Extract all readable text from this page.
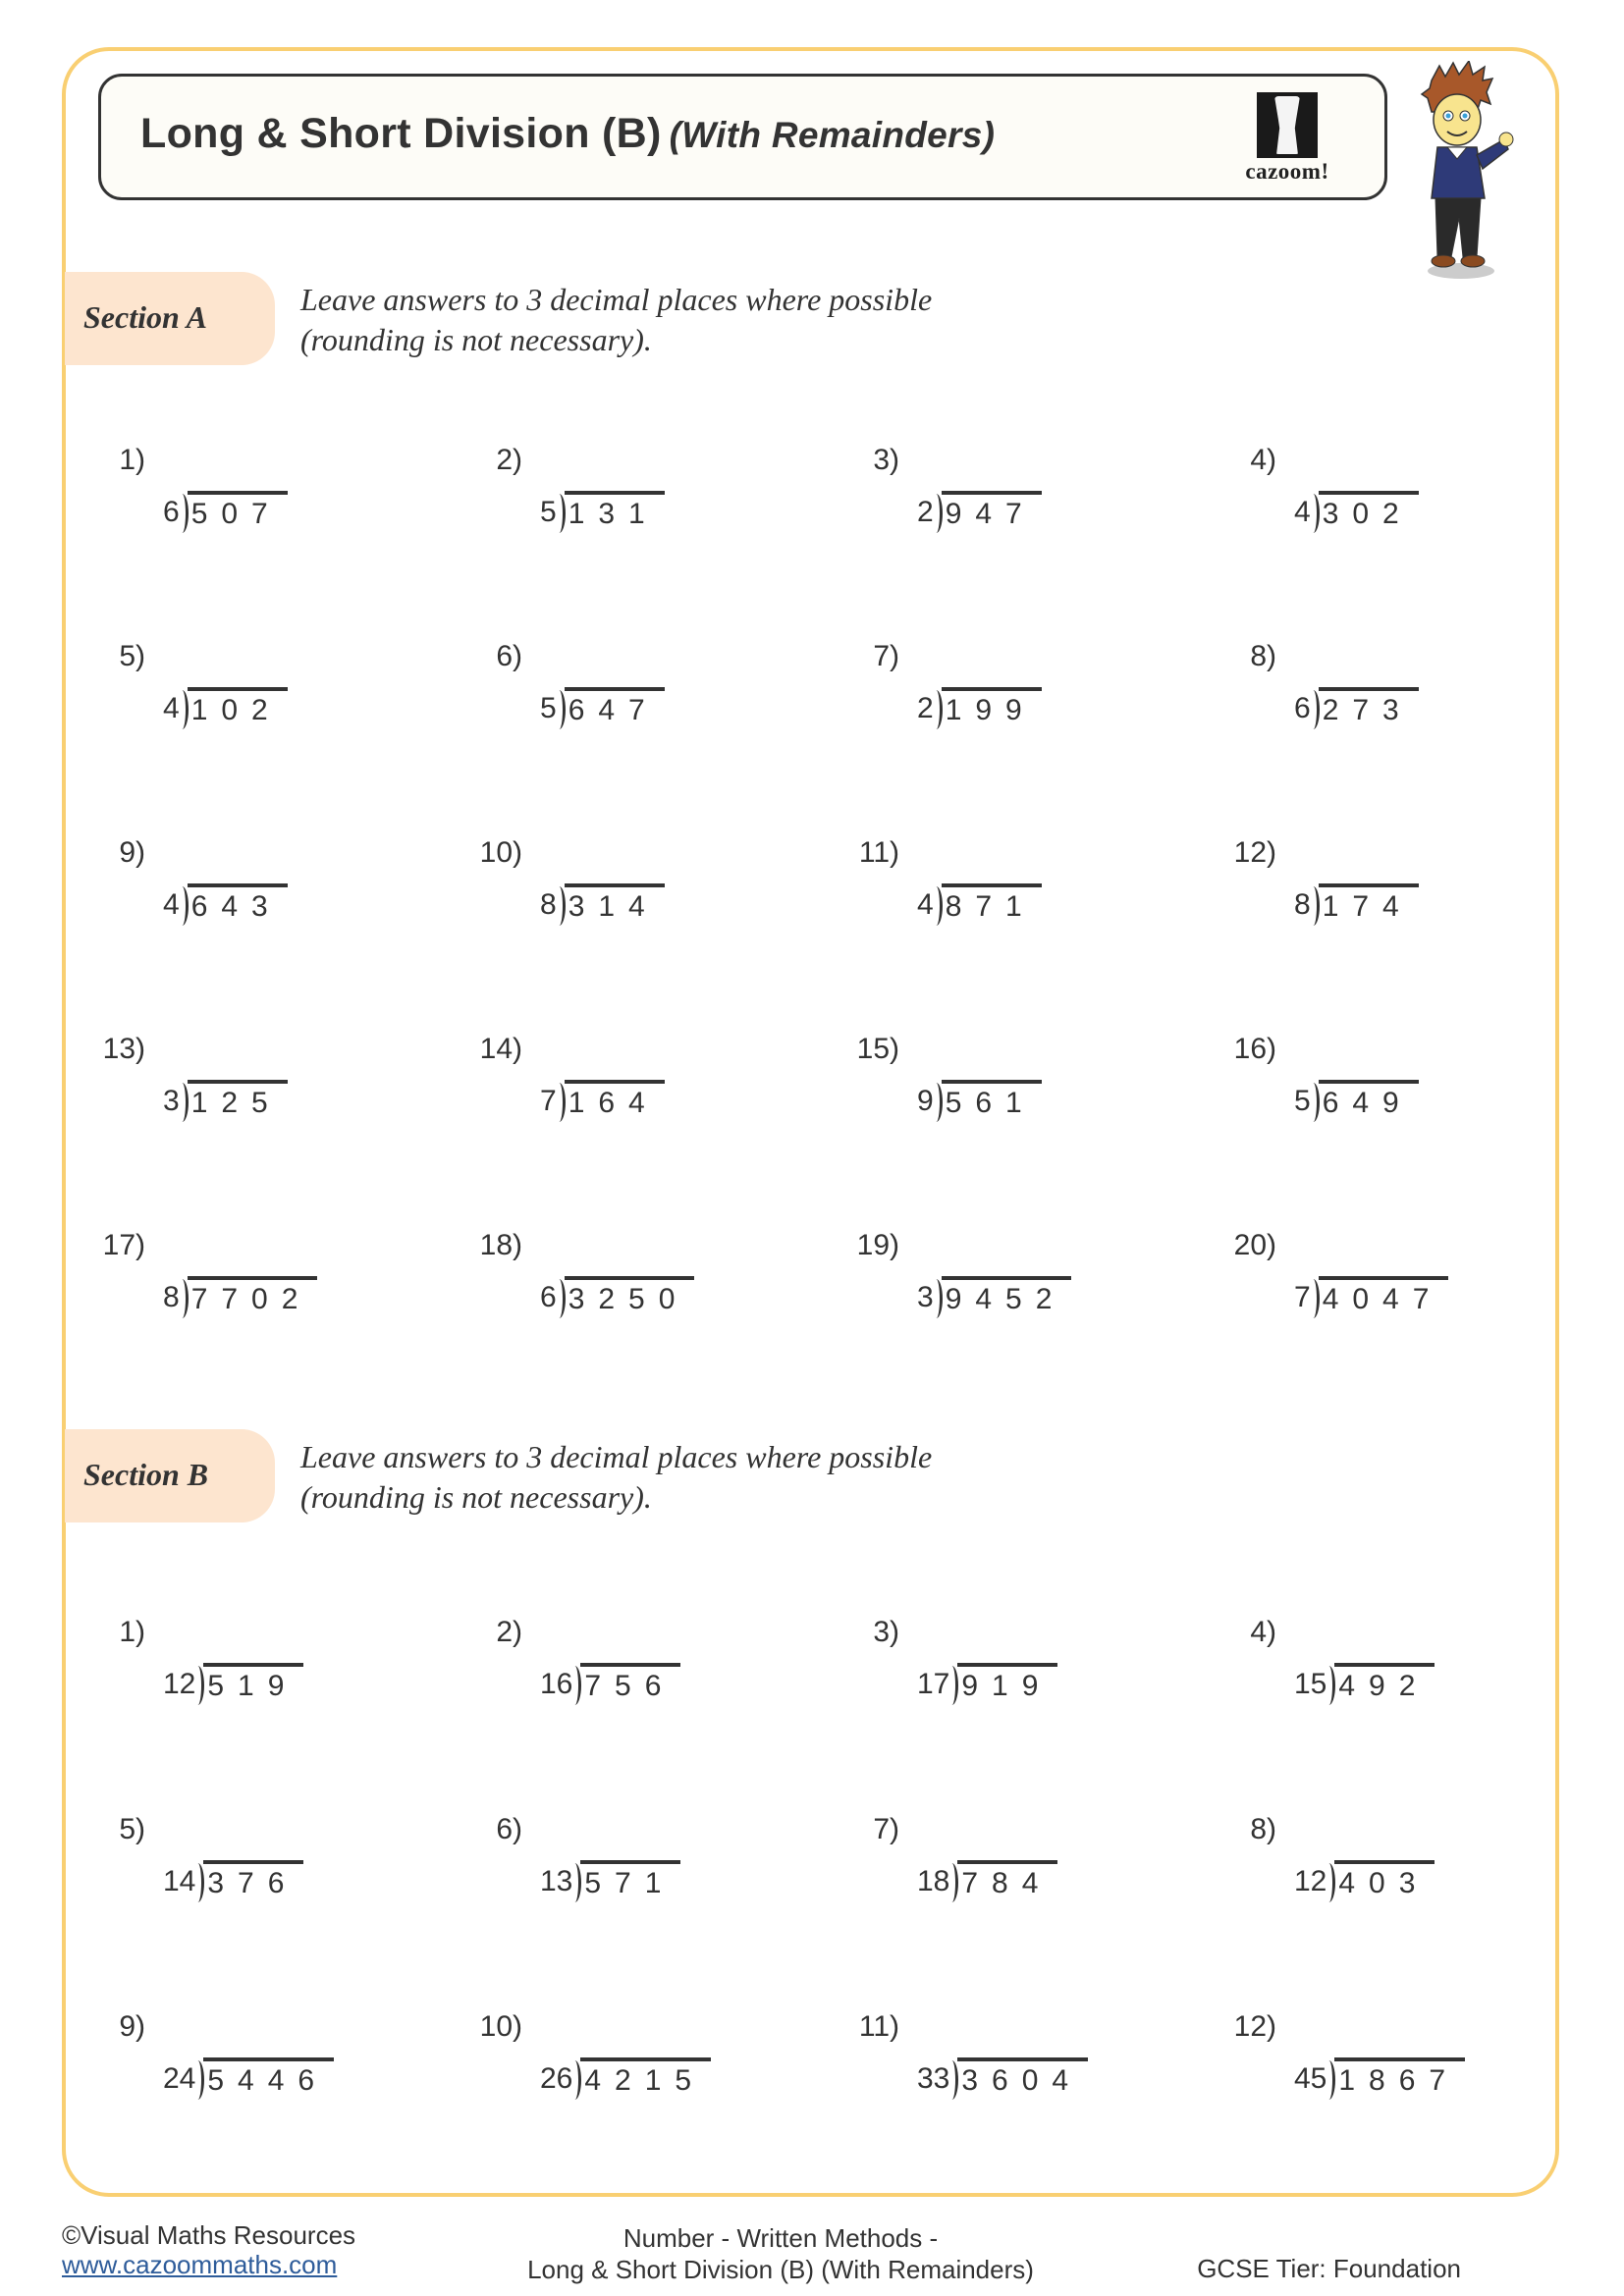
Long & Short Division (B) (With Remainders)
cazoom!
Section A	Leave answers to 3 decimal places where possible
(rounding is not necessary).
1)
6 507
2)
5 131
3)
2 947
4)
4 302
5)
4 102
6)
5 647
7)
2 199
8)
6 273
9)
4 643
10)
8 314
11)
4 871
12)
8 174
13)
3 125
14)
7 164
15)
9 561
16)
5 649
17)
8 7702
18)
6 3250
19)
3 9452
20)
7 4047
Section B	Leave answers to 3 decimal places where possible
(rounding is not necessary).
1)
12 519
2)
16 756
3)
17 919
4)
15 492
5)
14 376
6)
13 571
7)
18 784
8)
12 403
9)
24 5446
10)
26 4215
11)
33 3604
12)
45 1867
©Visual Maths Resources
www.cazoommaths.com
Number - Written Methods -
Long & Short Division (B) (With Remainders)	GCSE Tier: Foundation
